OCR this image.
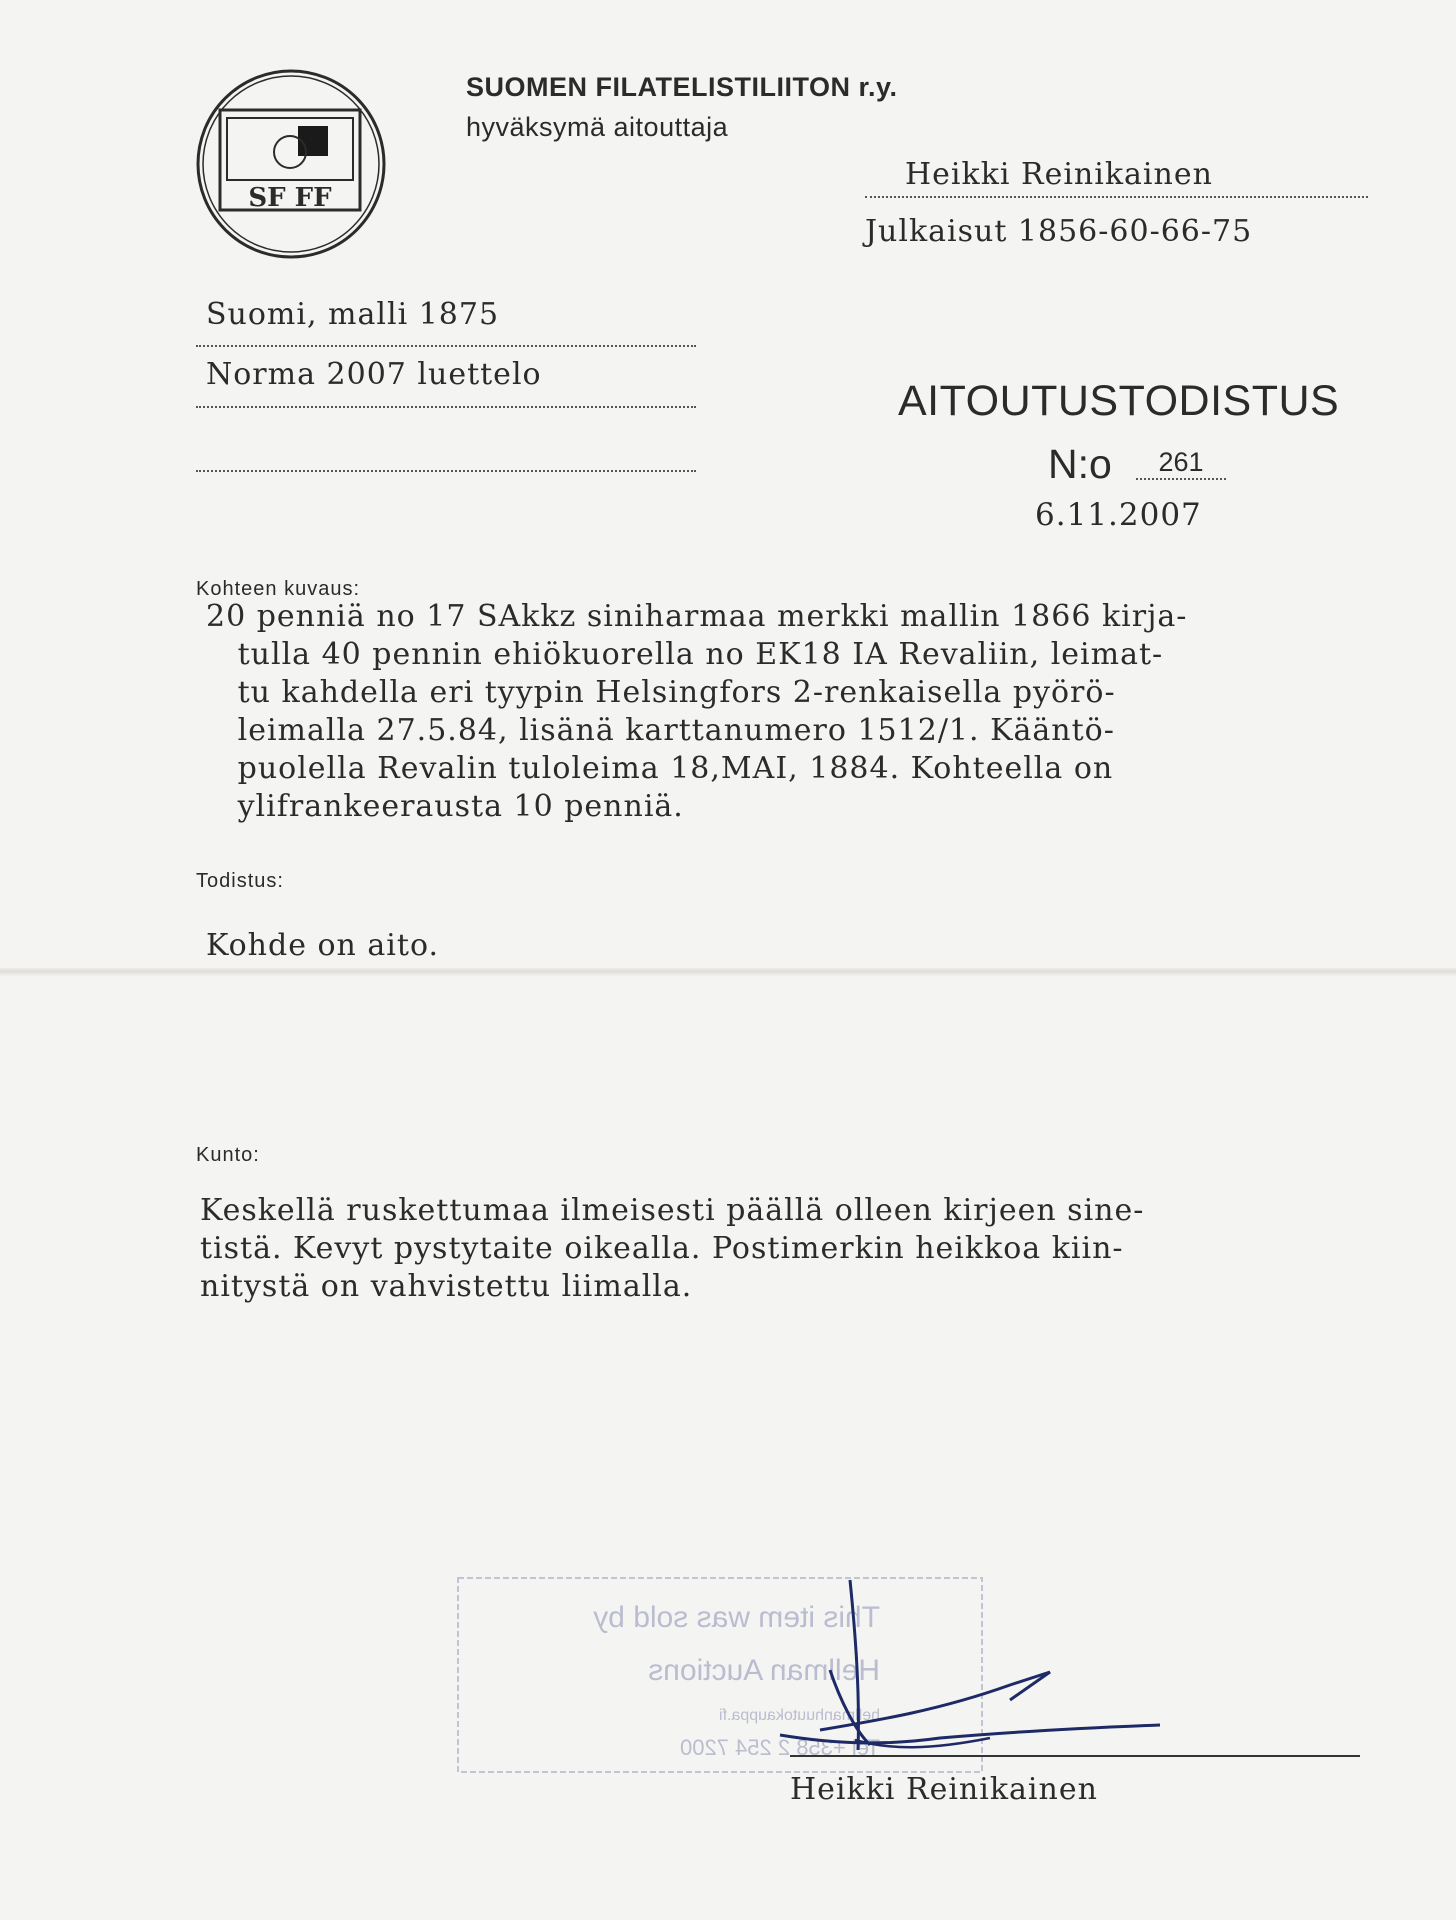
SF FF
SUOMEN FILATELISTILIITON r.y.
hyväksymä aitouttaja
Heikki Reinikainen
Julkaisut 1856-60-66-75
Suomi, malli 1875
Norma 2007 luettelo
AITOUTUSTODISTUS
N:o	261
6.11.2007
Kohteen kuvaus:
20 penniä no 17 SAkkz siniharmaa merkki mallin 1866 kirja-
tulla 40 pennin ehiökuorella no EK18 IA Revaliin, leimat-
tu kahdella eri tyypin Helsingfors 2-renkaisella pyörö-
leimalla 27.5.84, lisänä karttanumero 1512/1. Kääntö-
puolella Revalin tuloleima 18,MAI, 1884. Kohteella on
ylifrankeerausta 10 penniä.
Todistus:
Kohde on aito.
Kunto:
Keskellä ruskettumaa ilmeisesti päällä olleen kirjeen sine-
tistä. Kevyt pystytaite oikealla. Postimerkin heikkoa kiin-
nitystä on vahvistettu liimalla.
This item was sold by
Hellman Auctions
hellmanhuutokauppa.fi
Tel +358 2 254 7200
Heikki Reinikainen
